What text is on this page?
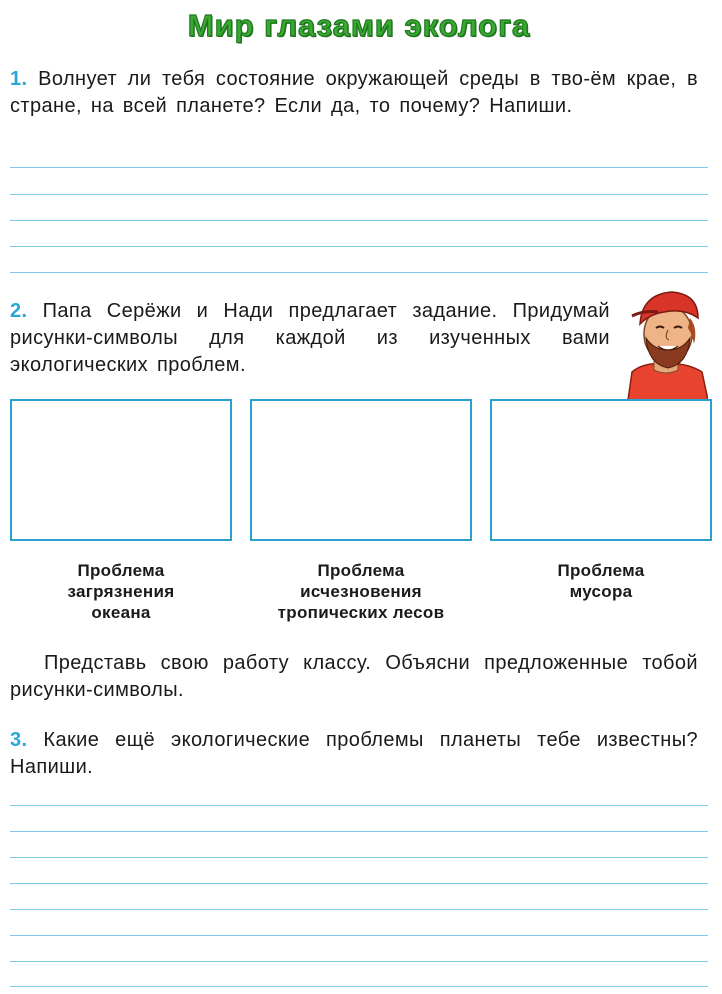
Мир глазами эколога
1. Волнует ли тебя состояние окружающей среды в тво-ём крае, в стране, на всей планете? Если да, то почему? Напиши.
2. Папа Серёжи и Нади предлагает задание. Придумай рисунки-символы для каждой из изученных вами экологических проблем.
Проблема
загрязнения
океана
Проблема
исчезновения
тропических лесов
Проблема
мусора
Представь свою работу классу. Объясни предложенные тобой рисунки-символы.
3. Какие ещё экологические проблемы планеты тебе известны? Напиши.
